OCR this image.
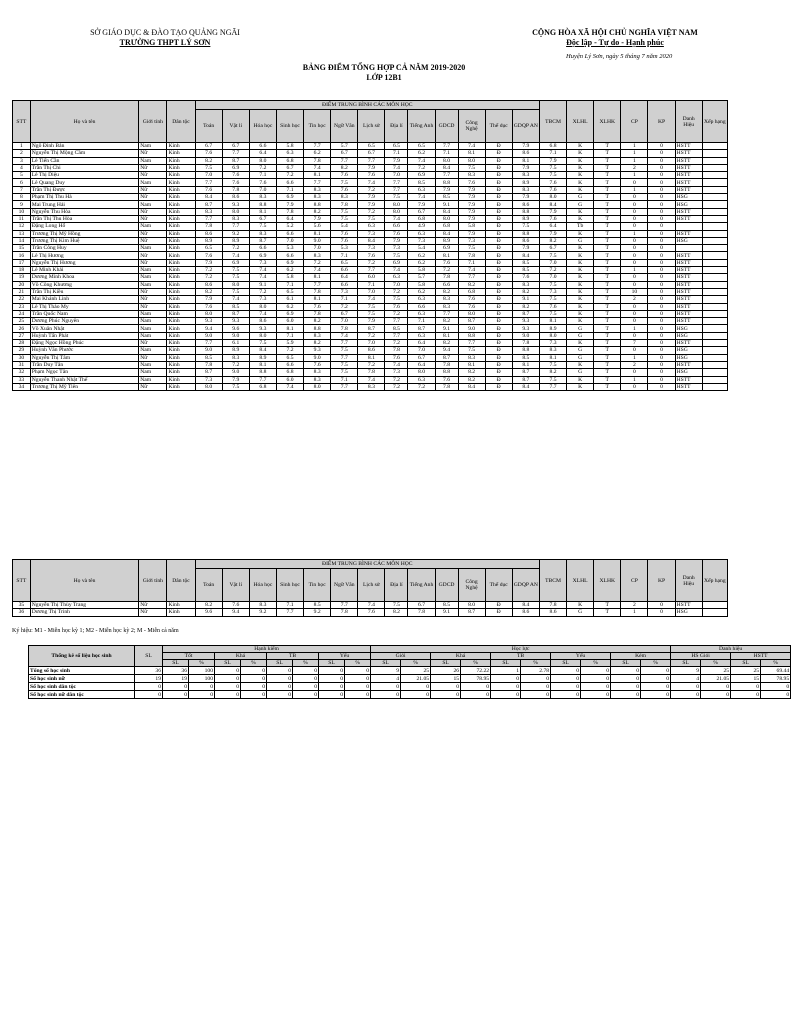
SỞ GIÁO DỤC & ĐÀO TẠO QUẢNG NGÃI
TRƯỜNG THPT LÝ SƠN
CỘNG HÒA XÃ HỘI CHỦ NGHĨA VIỆT NAM
Độc lập - Tự do - Hạnh phúc
Huyện Lý Sơn, ngày 5 tháng 7 năm 2020
BẢNG ĐIỂM TỔNG HỢP CẢ NĂM 2019-2020
LỚP 12B1
STT	Họ và tên	Giới tính	Dân tộc	ĐIỂM TRUNG BÌNH CÁC MÔN HỌC													TBCM	XLHL	XLHK	CP	KP	Danh Hiệu	Xếp hạng
				Toán	Vật lí	Hóa học	Sinh học	Tin học	Ngữ Văn	Lịch sử	Địa lí	Tiếng Anh	GDCD	Công Nghệ	Thể dục	GDQP AN							
1	Ngô Đình Bản	Nam	Kinh	6.7	6.7	6.6	5.8	7.7	5.7	6.5	6.5	6.5	7.7	7.4	Đ	7.9	6.8	K	T	1	0	HSTT	
2	Nguyễn Thị Mộng Cầm	Nữ	Kinh	7.6	7.7	6.4	6.3	6.2	6.7	6.7	7.1	6.2	7.1	8.1	Đ	8.6	7.1	K	T	1	0	HSTT	
3	Lê Tiến Cần	Nam	Kinh	8.2	8.7	8.0	6.8	7.8	7.7	7.7	7.9	7.4	8.0	8.0	Đ	8.1	7.9	K	T	1	0	HSTT	
4	Trần Thị Chi	Nữ	Kinh	7.5	6.9	7.2	6.7	7.4	8.2	7.9	7.4	7.2	8.4	7.5	Đ	7.9	7.5	K	T	2	0	HSTT	
5	Lê Thị Diệu	Nữ	Kinh	7.0	7.6	7.1	7.2	8.1	7.6	7.6	7.0	6.9	7.7	8.3	Đ	8.3	7.5	K	T	1	0	HSTT	
6	Lê Quang Duy	Nam	Kinh	7.7	7.6	7.6	6.6	7.7	7.5	7.4	7.7	8.5	8.8	7.6	Đ	8.9	7.6	K	T	0	0	HSTT	
7	Trần Thị Được	Nữ	Kinh	7.6	7.8	7.0	7.1	8.3	7.6	7.2	7.7	6.3	7.9	7.9	Đ	8.3	7.6	K	T	1	0	HSTT	
8	Phạm Thị Thu Hà	Nữ	Kinh	8.4	8.6	8.3	6.9	8.3	8.3	7.9	7.5	7.4	8.5	7.9	Đ	7.9	8.0	G	T	0	0	HSG	
9	Mai Trung Hải	Nam	Kinh	8.7	9.3	8.8	7.9	8.8	7.8	7.9	8.0	7.9	9.1	7.9	Đ	8.6	8.4	G	T	0	0	HSG	
10	Nguyễn Thu Hòa	Nữ	Kinh	8.3	8.0	8.1	7.8	8.2	7.5	7.2	8.0	6.7	8.4	7.9	Đ	8.8	7.9	K	T	0	0	HSTT	
11	Trần Thị Thu Hòa	Nữ	Kinh	7.7	8.3	6.7	6.4	7.9	7.5	7.5	7.4	6.8	8.0	7.9	Đ	8.9	7.6	K	T	0	0	HSTT	
12	Đặng Long Hổ	Nam	Kinh	7.8	7.7	7.5	5.2	5.6	5.4	6.3	6.6	4.9	6.8	5.8	Đ	7.5	6.4	Tb	T	0	0		
13	Trương Thị Mỹ Hồng	Nữ	Kinh	8.6	9.2	8.3	6.6	8.1	7.6	7.3	7.6	6.3	8.4	7.9	Đ	8.8	7.9	K	T	1	0	HSTT	
14	Trương Thị Kim Huệ	Nữ	Kinh	8.9	8.9	8.7	7.0	9.0	7.6	8.4	7.9	7.3	8.9	7.3	Đ	8.6	8.2	G	T	0	0	HSG	
15	Trần Công Huy	Nam	Kinh	6.5	7.2	6.6	5.3	7.0	5.3	7.3	7.3	5.4	6.9	7.5	Đ	7.9	6.7	K	T	0	0		
16	Lê Thị Hương	Nữ	Kinh	7.6	7.4	6.9	6.6	8.3	7.1	7.6	7.5	6.2	8.1	7.8	Đ	8.4	7.5	K	T	0	0	HSTT	
17	Nguyễn Thị Hương	Nữ	Kinh	7.9	6.9	7.3	6.9	7.2	6.5	7.2	6.9	6.2	7.6	7.1	Đ	8.5	7.0	K	T	0	0	HSTT	
18	Lê Minh Khải	Nam	Kinh	7.2	7.5	7.4	6.2	7.4	6.6	7.7	7.4	5.8	7.2	7.4	Đ	8.5	7.2	K	T	1	0	HSTT	
19	Dương Minh Khoa	Nam	Kinh	7.2	7.5	7.4	5.8	8.1	6.4	6.0	6.3	5.7	7.8	7.7	Đ	7.6	7.0	K	T	0	0	HSTT	
20	Võ Công Khương	Nam	Kinh	8.6	8.0	9.1	7.1	7.7	6.6	7.1	7.0	5.8	6.6	8.2	Đ	8.3	7.5	K	T	0	0	HSTT	
21	Trần Thị Kiều	Nữ	Kinh	8.2	7.5	7.2	6.5	7.8	7.3	7.0	7.2	6.2	8.2	6.8	Đ	8.2	7.3	K	T	10	0	HSTT	
22	Mai Khánh Linh	Nữ	Kinh	7.9	7.4	7.3	6.1	8.1	7.1	7.4	7.5	6.3	8.3	7.6	Đ	9.1	7.5	K	T	2	0	HSTT	
23	Lê Thị Thảo My	Nữ	Kinh	7.6	8.5	8.0	6.2	7.6	7.2	7.5	7.6	6.6	8.3	7.6	Đ	8.2	7.6	K	T	0	0	HSTT	
24	Trần Quốc Nam	Nam	Kinh	8.0	8.7	7.4	6.9	7.8	6.7	7.5	7.2	6.3	7.7	8.0	Đ	8.7	7.5	K	T	0	0	HSTT	
25	Dương Phúc Nguyên	Nam	Kinh	9.3	9.3	8.6	6.0	8.2	7.0	7.9	7.7	7.1	8.2	8.7	Đ	9.3	8.1	K	T	0	0	HSTT	
26	Võ Xuân Nhật	Nam	Kinh	9.4	9.6	9.3	8.1	8.8	7.8	8.7	8.5	8.7	9.1	9.0	Đ	9.3	8.9	G	T	1	0	HSG	
27	Huỳnh Tấn Phát	Nam	Kinh	9.0	9.0	8.0	7.1	8.3	7.4	7.2	7.7	6.3	8.1	8.8	Đ	9.0	8.0	G	T	0	0	HSG	
28	Đặng Ngọc Hồng Phúc	Nữ	Kinh	7.7	6.1	7.5	5.9	8.2	7.7	7.0	7.2	6.4	8.2	7.7	Đ	7.8	7.3	K	T	7	0	HSTT	
29	Huỳnh Văn Phước	Nam	Kinh	9.0	8.9	8.4	7.2	9.3	7.5	8.6	7.8	7.0	9.4	7.5	Đ	8.8	8.3	G	T	0	0	HSG	
30	Nguyễn Thị Tâm	Nữ	Kinh	8.5	8.3	8.9	6.5	9.0	7.7	8.1	7.6	6.7	8.7	8.3	Đ	8.5	8.1	G	T	1	0	HSG	
31	Trần Duy Tân	Nam	Kinh	7.8	7.2	8.1	6.6	7.6	7.5	7.2	7.4	6.4	7.8	8.1	Đ	8.1	7.5	K	T	2	0	HSTT	
32	Phạm Ngọc Tân	Nam	Kinh	8.7	9.0	8.8	6.8	8.3	7.5	7.8	7.3	8.0	8.8	8.2	Đ	8.7	8.2	G	T	0	0	HSG	
33	Nguyễn Thanh Nhật Thế	Nam	Kinh	7.3	7.9	7.7	6.0	8.3	7.1	7.4	7.2	6.3	7.6	8.2	Đ	8.7	7.5	K	T	1	0	HSTT	
34	Trương Thị Mỹ Tiên	Nữ	Kinh	8.0	7.5	6.8	7.4	8.0	7.7	8.3	7.2	7.2	7.8	8.4	Đ	8.4	7.7	K	T	0	0	HSTT	
STT	Họ và tên	Giới tính	Dân tộc	ĐIỂM TRUNG BÌNH CÁC MÔN HỌC													TBCM	XLHL	XLHK	CP	KP	Danh Hiệu	Xếp hạng
				Toán	Vật lí	Hóa học	Sinh học	Tin học	Ngữ Văn	Lịch sử	Địa lí	Tiếng Anh	GDCD	Công Nghệ	Thể dục	GDQP AN							
35	Nguyễn Thị Thùy Trang	Nữ	Kinh	8.2	7.6	8.3	7.1	8.5	7.7	7.4	7.5	6.7	8.5	8.0	Đ	8.4	7.8	K	T	2	0	HSTT	
36	Dương Thị Trinh	Nữ	Kinh	9.6	9.4	9.2	7.7	9.2	7.8	7.6	8.2	7.8	9.1	8.7	Đ	8.6	8.6	G	T	1	0	HSG	
Ký hiệu: M1 - Miễn học kỳ 1; M2 - Miễn học kỳ 2; M - Miễn cả năm
Thống kê số liệu học sinh	SL	Hạnh kiểm								Học lực										Danh hiệu			
		Tốt		Khá		TB		Yếu		Giỏi		Khá		TB		Yếu		Kém		HS Giỏi		HSTT	
		SL	%	SL	%	SL	%	SL	%	SL	%	SL	%	SL	%	SL	%	SL	%	SL	%	SL	%
Tổng số học sinh	36	36	100	0	0	0	0	0	0	9	25	26	72.22	1	2.78	0	0	0	0	9	25	25	69.44
Số học sinh nữ	19	19	100	0	0	0	0	0	0	4	21.05	15	78.95	0	0	0	0	0	0	4	21.05	15	78.95
Số học sinh dân tộc	0	0	0	0	0	0	0	0	0	0	0	0	0	0	0	0	0	0	0	0	0	0	0
Số học sinh nữ dân tộc	0	0	0	0	0	0	0	0	0	0	0	0	0	0	0	0	0	0	0	0	0	0	0
